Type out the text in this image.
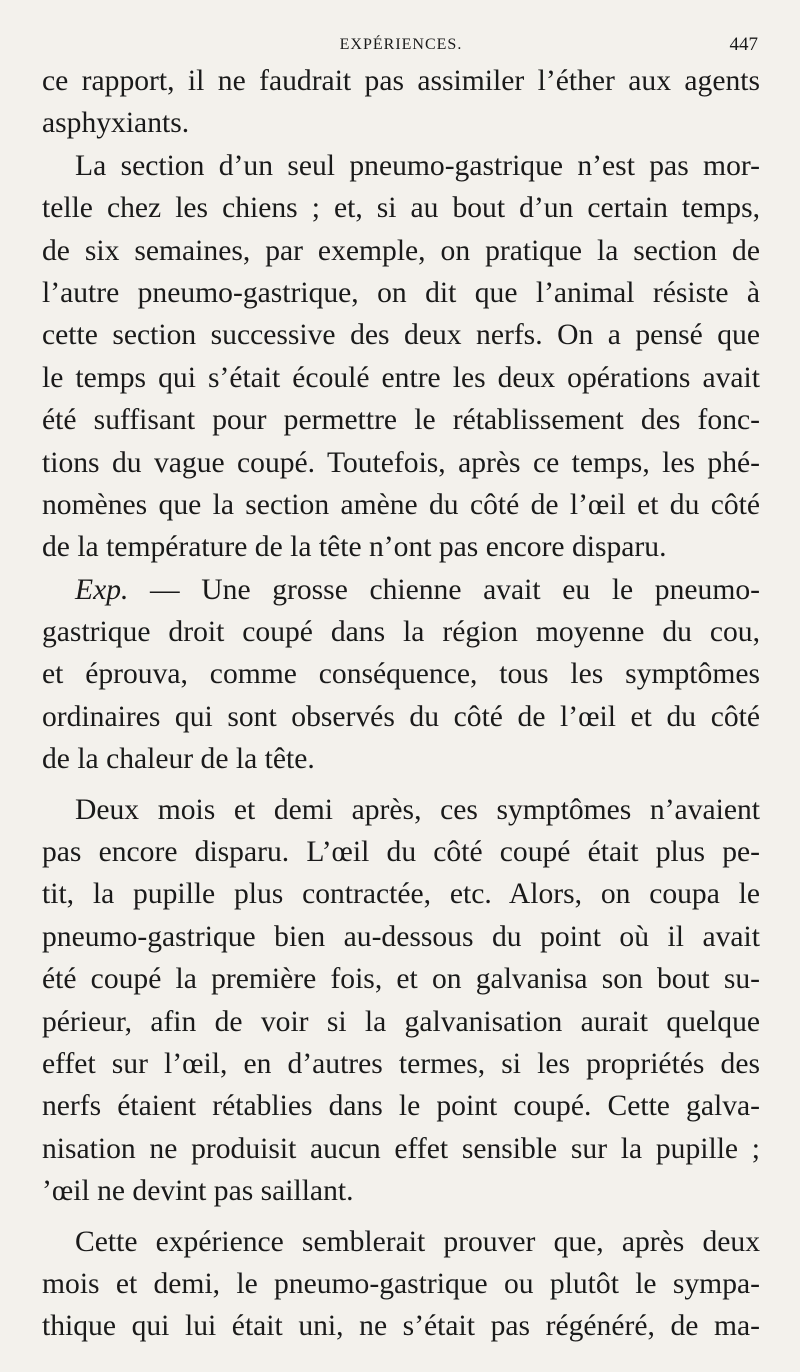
EXPÉRIENCES.	447

ce rapport, il ne faudrait pas assimiler l’éther aux agents
asphyxiants.

La section d’un seul pneumo-gastrique n’est pas mor-
telle chez les chiens ; et, si au bout d’un certain temps,
de six semaines, par exemple, on pratique la section de
l’autre pneumo-gastrique, on dit que l’animal résiste à
cette section successive des deux nerfs. On a pensé que
le temps qui s’était écoulé entre les deux opérations avait
été suffisant pour permettre le rétablissement des fonc-
tions du vague coupé. Toutefois, après ce temps, les phé-
nomènes que la section amène du côté de l’œil et du côté
de la température de la tête n’ont pas encore disparu.

Exp. — Une grosse chienne avait eu le pneumo-
gastrique droit coupé dans la région moyenne du cou,
et éprouva, comme conséquence, tous les symptômes
ordinaires qui sont observés du côté de l’œil et du côté
de la chaleur de la tête.

Deux mois et demi après, ces symptômes n’avaient
pas encore disparu. L’œil du côté coupé était plus pe-
tit, la pupille plus contractée, etc. Alors, on coupa le
pneumo-gastrique bien au-dessous du point où il avait
été coupé la première fois, et on galvanisa son bout su-
périeur, afin de voir si la galvanisation aurait quelque
effet sur l’œil, en d’autres termes, si les propriétés des
nerfs étaient rétablies dans le point coupé. Cette galva-
nisation ne produisit aucun effet sensible sur la pupille ;
’œil ne devint pas saillant.

Cette expérience semblerait prouver que, après deux
mois et demi, le pneumo-gastrique ou plutôt le sympa-
thique qui lui était uni, ne s’était pas régénéré, de ma-
